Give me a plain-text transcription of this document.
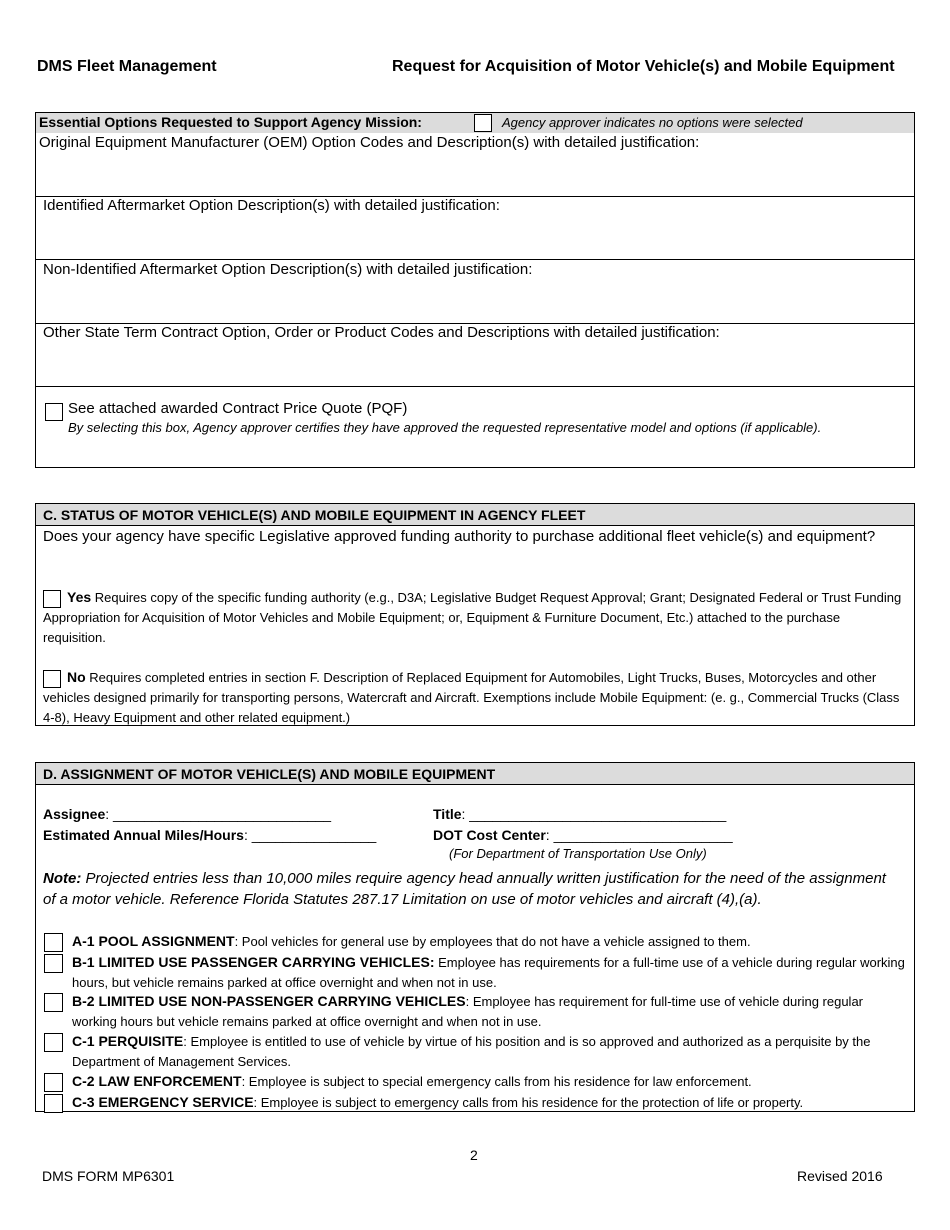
DMS Fleet Management	Request for Acquisition of Motor Vehicle(s) and Mobile Equipment
Essential Options Requested to Support Agency Mission:	Agency approver indicates no options were selected
Original Equipment Manufacturer (OEM) Option Codes and Description(s) with detailed justification:
Identified Aftermarket Option Description(s) with detailed justification:
Non-Identified Aftermarket Option Description(s) with detailed justification:
Other State Term Contract Option, Order or Product Codes and Descriptions with detailed justification:
See attached awarded Contract Price Quote (PQF)
By selecting this box, Agency approver certifies they have approved the requested representative model and options (if applicable).
C. STATUS OF MOTOR VEHICLE(S) AND MOBILE EQUIPMENT IN AGENCY FLEET
Does your agency have specific Legislative approved funding authority to purchase additional fleet vehicle(s) and equipment?
Yes Requires copy of the specific funding authority (e.g., D3A; Legislative Budget Request Approval; Grant; Designated Federal or Trust Funding Appropriation for Acquisition of Motor Vehicles and Mobile Equipment; or, Equipment & Furniture Document, Etc.) attached to the purchase requisition.
No Requires completed entries in section F. Description of Replaced Equipment for Automobiles, Light Trucks, Buses, Motorcycles and other vehicles designed primarily for transporting persons, Watercraft and Aircraft. Exemptions include Mobile Equipment: (e. g., Commercial Trucks (Class 4-8), Heavy Equipment and other related equipment.)
D. ASSIGNMENT OF MOTOR VEHICLE(S) AND MOBILE EQUIPMENT
Assignee: ____________________________	Title: _________________________________
Estimated Annual Miles/Hours: ________________	DOT Cost Center: _______________________
(For Department of Transportation Use Only)
Note: Projected entries less than 10,000 miles require agency head annually written justification for the need of the assignment of a motor vehicle. Reference Florida Statutes 287.17 Limitation on use of motor vehicles and aircraft (4),(a).
A-1 POOL ASSIGNMENT: Pool vehicles for general use by employees that do not have a vehicle assigned to them.
B-1 LIMITED USE PASSENGER CARRYING VEHICLES: Employee has requirements for a full-time use of a vehicle during regular working hours, but vehicle remains parked at office overnight and when not in use.
B-2 LIMITED USE NON-PASSENGER CARRYING VEHICLES: Employee has requirement for full-time use of vehicle during regular working hours but vehicle remains parked at office overnight and when not in use.
C-1 PERQUISITE: Employee is entitled to use of vehicle by virtue of his position and is so approved and authorized as a perquisite by the Department of Management Services.
C-2 LAW ENFORCEMENT: Employee is subject to special emergency calls from his residence for law enforcement.
C-3 EMERGENCY SERVICE: Employee is subject to emergency calls from his residence for the protection of life or property.
2
DMS FORM MP6301	Revised 2016
